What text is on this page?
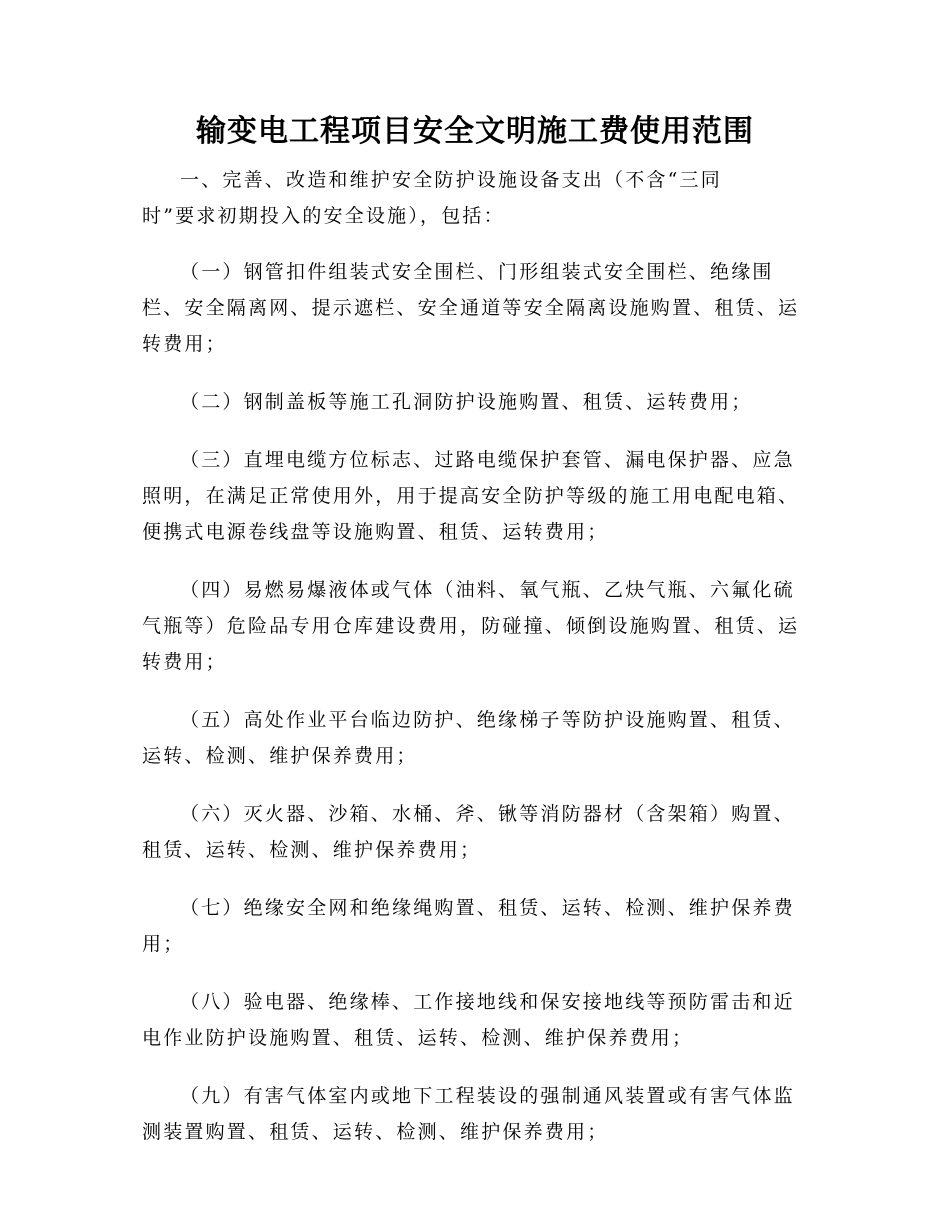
输变电工程项目安全文明施工费使用范围

一、完善、改造和维护安全防护设施设备支出（不含“三同时”要求初期投入的安全设施），包括：

（一）钢管扣件组装式安全围栏、门形组装式安全围栏、绝缘围栏、安全隔离网、提示遮栏、安全通道等安全隔离设施购置、租赁、运转费用；

（二）钢制盖板等施工孔洞防护设施购置、租赁、运转费用；

（三）直埋电缆方位标志、过路电缆保护套管、漏电保护器、应急照明，在满足正常使用外，用于提高安全防护等级的施工用电配电箱、便携式电源卷线盘等设施购置、租赁、运转费用；

（四）易燃易爆液体或气体（油料、氧气瓶、乙炔气瓶、六氟化硫气瓶等）危险品专用仓库建设费用，防碰撞、倾倒设施购置、租赁、运转费用；

（五）高处作业平台临边防护、绝缘梯子等防护设施购置、租赁、运转、检测、维护保养费用；

（六）灭火器、沙箱、水桶、斧、锹等消防器材（含架箱）购置、租赁、运转、检测、维护保养费用；

（七）绝缘安全网和绝缘绳购置、租赁、运转、检测、维护保养费用；

（八）验电器、绝缘棒、工作接地线和保安接地线等预防雷击和近电作业防护设施购置、租赁、运转、检测、维护保养费用；

（九）有害气体室内或地下工程装设的强制通风装置或有害气体监测装置购置、租赁、运转、检测、维护保养费用；
